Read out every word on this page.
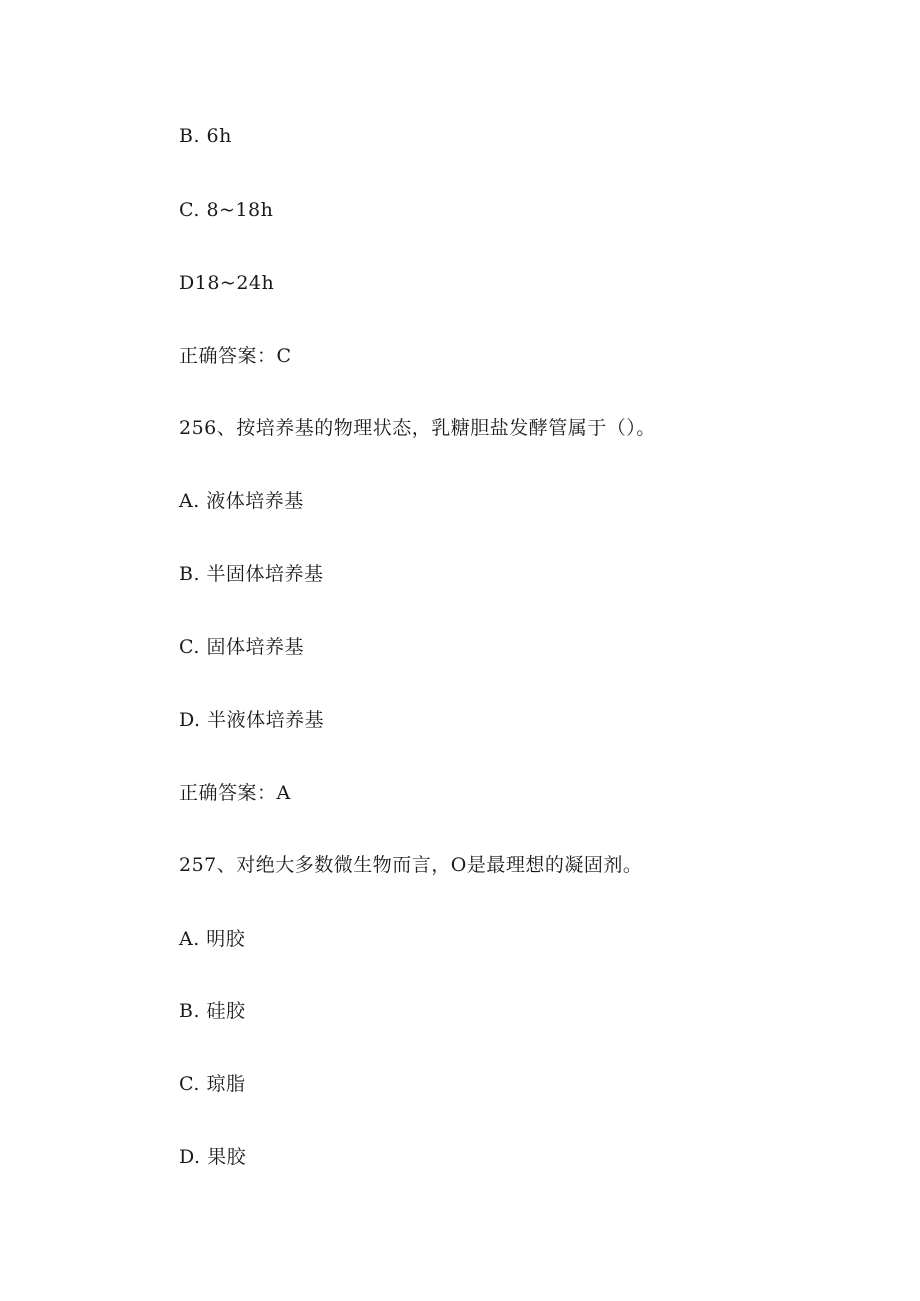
B. 6h
C. 8~18h
D18~24h
正确答案：C
256、按培养基的物理状态，乳糖胆盐发酵管属于（）。
A. 液体培养基
B. 半固体培养基
C. 固体培养基
D. 半液体培养基
正确答案：A
257、对绝大多数微生物而言，O是最理想的凝固剂。
A. 明胶
B. 硅胶
C. 琼脂
D. 果胶
